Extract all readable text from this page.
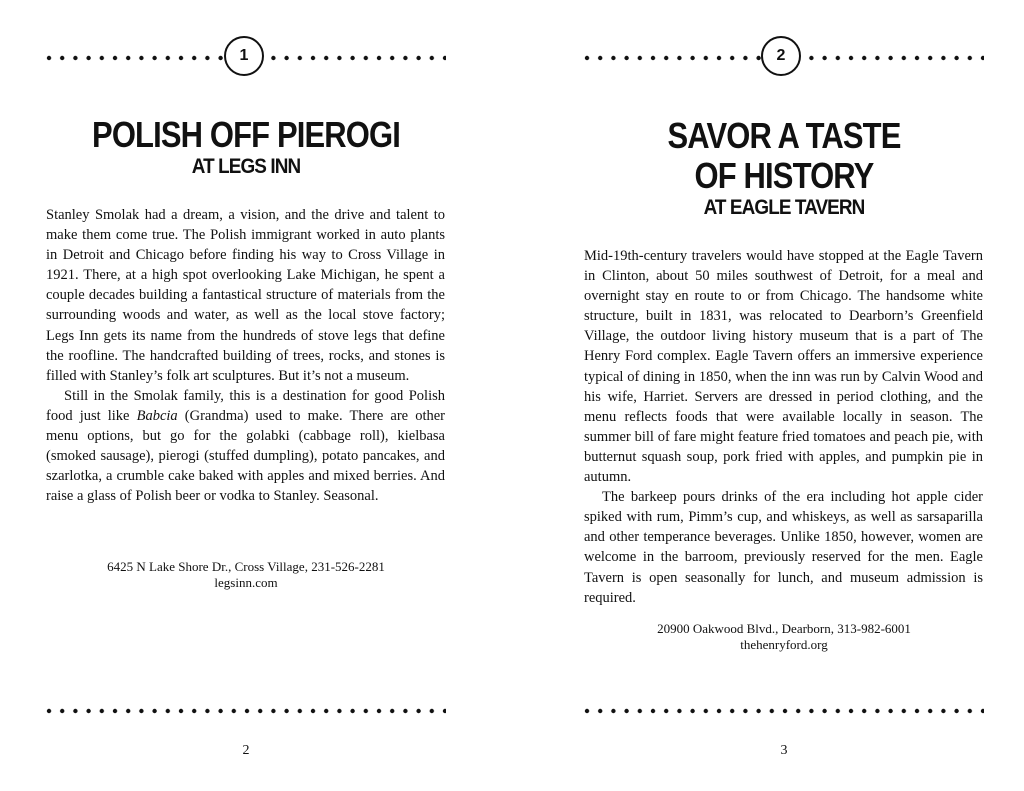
1
POLISH OFF PIEROGI
AT LEGS INN

Stanley Smolak had a dream, a vision, and the drive and talent to make them come true. The Polish immigrant worked in auto plants in Detroit and Chicago before finding his way to Cross Village in 1921. There, at a high spot overlooking Lake Michigan, he spent a couple decades building a fantastical structure of materials from the surrounding woods and water, as well as the local stove factory; Legs Inn gets its name from the hundreds of stove legs that define the roofline. The handcrafted building of trees, rocks, and stones is filled with Stanley’s folk art sculptures. But it’s not a museum.

Still in the Smolak family, this is a destination for good Polish food just like Babcia (Grandma) used to make. There are other menu options, but go for the golabki (cabbage roll), kielbasa (smoked sausage), pierogi (stuffed dumpling), potato pancakes, and szarlotka, a crumble cake baked with apples and mixed berries. And raise a glass of Polish beer or vodka to Stanley. Seasonal.

6425 N Lake Shore Dr., Cross Village, 231-526-2281
legsinn.com
2
2
SAVOR A TASTE
OF HISTORY
AT EAGLE TAVERN

Mid-19th-century travelers would have stopped at the Eagle Tavern in Clinton, about 50 miles southwest of Detroit, for a meal and overnight stay en route to or from Chicago. The handsome white structure, built in 1831, was relocated to Dearborn’s Greenfield Village, the outdoor living history museum that is a part of The Henry Ford complex. Eagle Tavern offers an immersive experience typical of dining in 1850, when the inn was run by Calvin Wood and his wife, Harriet. Servers are dressed in period clothing, and the menu reflects foods that were available locally in season. The summer bill of fare might feature fried tomatoes and peach pie, with butternut squash soup, pork fried with apples, and pumpkin pie in autumn.

The barkeep pours drinks of the era including hot apple cider spiked with rum, Pimm’s cup, and whiskeys, as well as sarsaparilla and other temperance beverages. Unlike 1850, however, women are welcome in the barroom, previously reserved for the men. Eagle Tavern is open seasonally for lunch, and museum admission is required.

20900 Oakwood Blvd., Dearborn, 313-982-6001
thehenryford.org
3
